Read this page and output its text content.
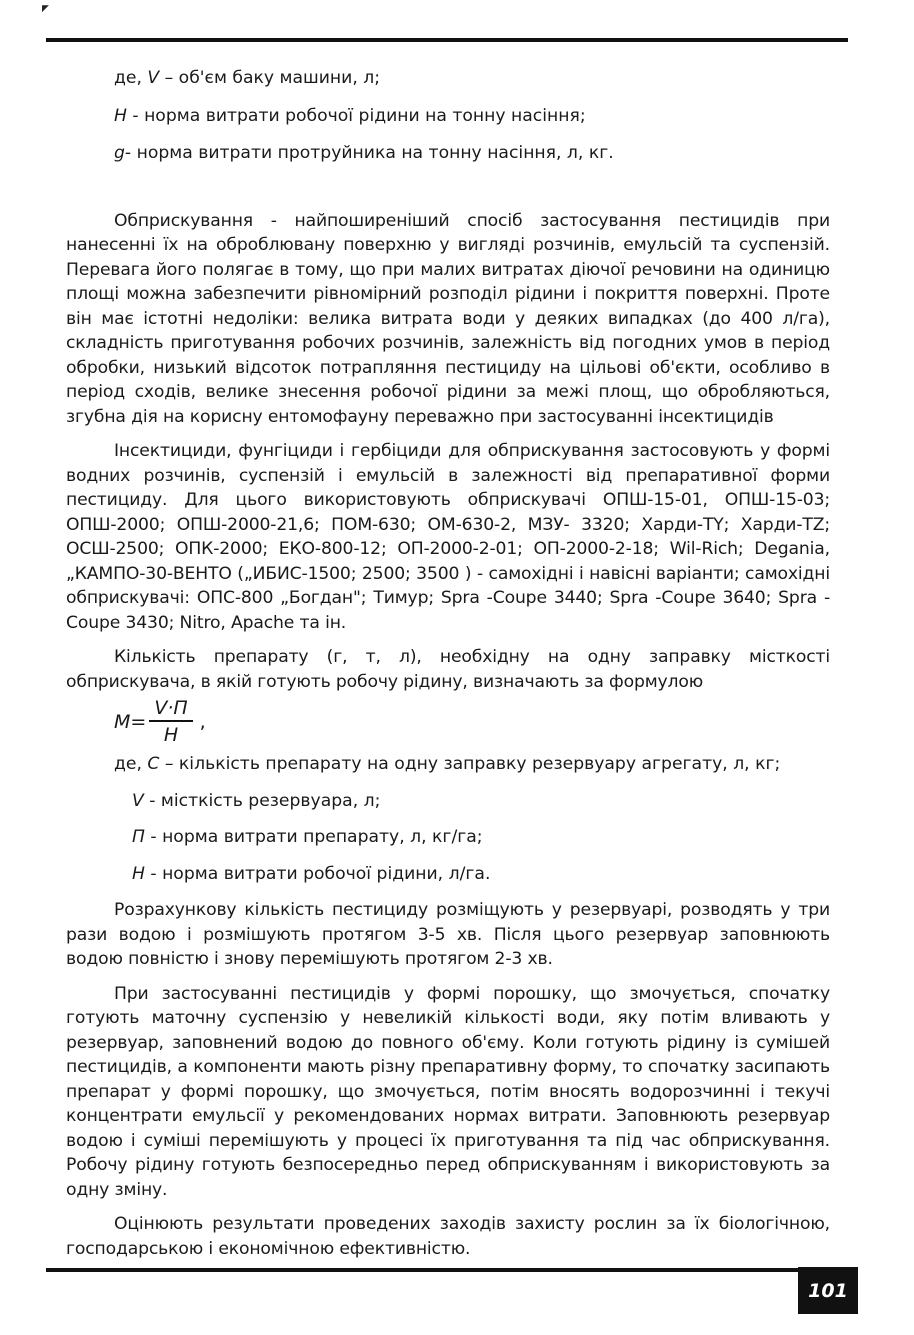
◤
де, V – об'єм баку машини, л;
H - норма витрати робочої рідини на тонну насіння;
g- норма витрати протруйника на тонну насіння, л, кг.

Обприскування - найпоширеніший спосіб застосування пестицидів при нанесенні їх на оброблювану поверхню у вигляді розчинів, емульсій та суспензій. Перевага його полягає в тому, що при малих витратах діючої речовини на одиницю площі можна забезпечити рівномірний розподіл рідини і покриття поверхні. Проте він має істотні недоліки: велика витрата води у деяких випадках (до 400 л/га), складність приготування робочих розчинів, залежність від погодних умов в період обробки, низький відсоток потрапляння пестициду на цільові об'єкти, особливо в період сходів, велике знесення робочої рідини за межі площ, що обробляються, згубна дія на корисну ентомофауну переважно при застосуванні інсектицидів

Інсектициди, фунгіциди і гербіциди для обприскування застосовують у формі водних розчинів, суспензій і емульсій в залежності від препаративної форми пестициду. Для цього використовують обприскувачі ОПШ-15-01, ОПШ-15-03; ОПШ-2000; ОПШ-2000-21,6; ПОМ-630; ОМ-630-2, МЗУ- 3320; Харди-ТY; Харди-ТZ; ОСШ-2500; ОПК-2000; ЕКО-800-12; ОП-2000-2-01; ОП-2000-2-18; Wil-Rich; Degania, „КАМПО-30-ВЕНТО („ИБИС-1500; 2500; 3500 ) - самохідні і навісні варіанти; самохідні обприскувачі: ОПС-800 „Богдан"; Тимур; Spra -Coupe 3440; Spra -Coupe 3640; Spra -Coupe 3430; Nitro, Apache та ін.

Кількість препарату (г, т, л), необхідну на одну заправку місткості обприскувача, в якій готують робочу рідину, визначають за формулою

$M= \frac{V\cdot П}{H}$ ,
де, C – кількість препарату на одну заправку резервуару агрегату, л, кг;
V - місткість резервуара, л;
П - норма витрати препарату, л, кг/га;
H - норма витрати робочої рідини, л/га.

Розрахункову кількість пестициду розміщують у резервуарі, розводять у три рази водою і розмішують протягом 3-5 хв. Після цього резервуар заповнюють водою повністю і знову перемішують протягом 2-3 хв.

При застосуванні пестицидів у формі порошку, що змочується, спочатку готують маточну суспензію у невеликій кількості води, яку потім вливають у резервуар, заповнений водою до повного об'єму. Коли готують рідину із сумішей пестицидів, а компоненти мають різну препаративну форму, то спочатку засипають препарат у формі порошку, що змочується, потім вносять водорозчинні і текучі концентрати емульсії у рекомендованих нормах витрати. Заповнюють резервуар водою і суміші перемішують у процесі їх приготування та під час обприскування. Робочу рідину готують безпосередньо перед обприскуванням і використовують за одну зміну.

Оцінюють результати проведених заходів захисту рослин за їх біологічною, господарською і економічною ефективністю.

101
